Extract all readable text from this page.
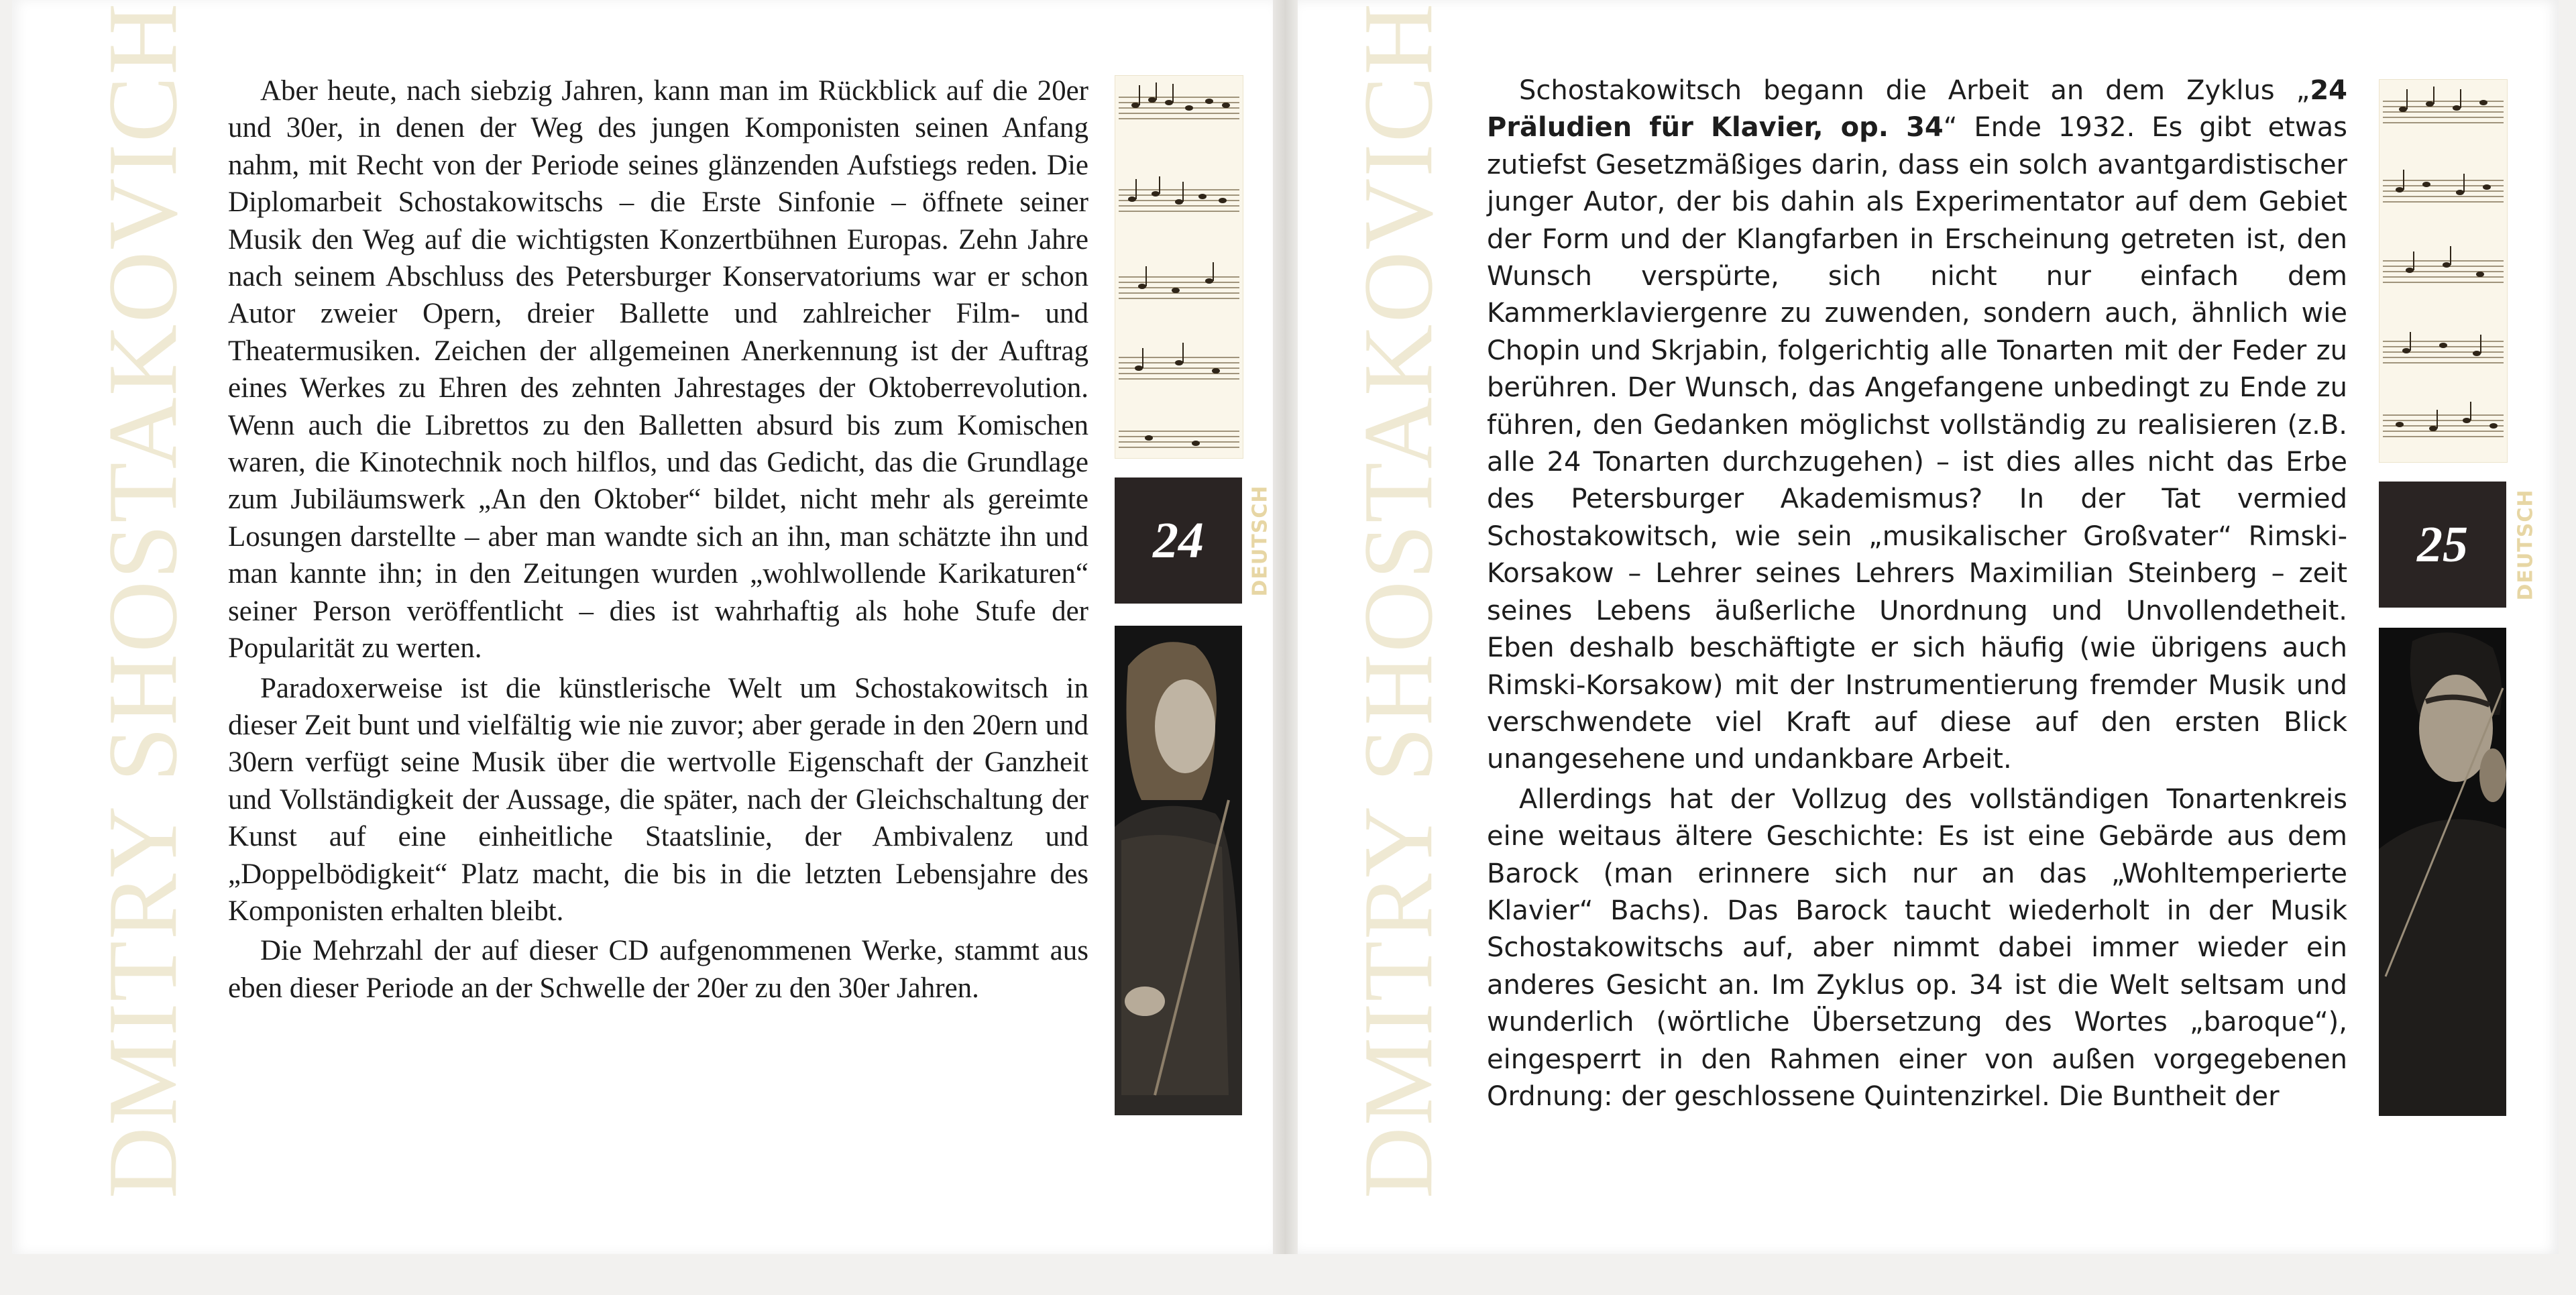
DMITRY SHOSTAKOVICH	Aber heute, nach siebzig Jahren, kann man im Rückblick auf die 20er und 30er, in denen der Weg des jungen Komponisten seinen Anfang nahm, mit Recht von der Periode seines glänzenden Aufstiegs reden. Die Diplomarbeit Schostakowitschs – die Erste Sinfonie – öffnete seiner Musik den Weg auf die wichtigsten Konzertbühnen Europas. Zehn Jahre nach seinem Abschluss des Petersburger Konservatoriums war er schon Autor zweier Opern, dreier Ballette und zahlreicher Film- und Theatermusiken. Zeichen der allgemeinen Anerkennung ist der Auftrag eines Werkes zu Ehren des zehnten Jahrestages der Oktoberrevolution. Wenn auch die Librettos zu den Balletten absurd bis zum Komischen waren, die Kinotechnik noch hilflos, und das Gedicht, das die Grundlage zum Jubiläumswerk „An den Oktober“ bildet, nicht mehr als gereimte Losungen darstellte – aber man wandte sich an ihn, man schätzte ihn und man kannte ihn; in den Zeitungen wurden „wohlwollende Karikaturen“ seiner Person veröffentlicht – dies ist wahrhaftig als hohe Stufe der Popularität zu werten.

Paradoxerweise ist die künstlerische Welt um Schostakowitsch in dieser Zeit bunt und vielfältig wie nie zuvor; aber gerade in den 20ern und 30ern verfügt seine Musik über die wertvolle Eigenschaft der Ganzheit und Vollständigkeit der Aussage, die später, nach der Gleichschaltung der Kunst auf eine einheitliche Staatslinie, der Ambivalenz und „Doppelbödigkeit“ Platz macht, die bis in die letzten Lebensjahre des Komponisten erhalten bleibt.

Die Mehrzahl der auf dieser CD aufgenommenen Werke, stammt aus eben dieser Periode an der Schwelle der 20er zu den 30er Jahren.

24 DEUTSCH DMITRY SHOSTAKOVICH	Schostakowitsch begann die Arbeit an dem Zyklus „24 Präludien für Klavier, op. 34“ Ende 1932. Es gibt etwas zutiefst Gesetzmäßiges darin, dass ein solch avantgardistischer junger Autor, der bis dahin als Experimentator auf dem Gebiet der Form und der Klangfarben in Erscheinung getreten ist, den Wunsch verspürte, sich nicht nur einfach dem Kammerklaviergenre zu zuwenden, sondern auch, ähnlich wie Chopin und Skrjabin, folgerichtig alle Tonarten mit der Feder zu berühren. Der Wunsch, das Angefangene unbedingt zu Ende zu führen, den Gedanken möglichst vollständig zu realisieren (z.B. alle 24 Tonarten durchzugehen) – ist dies alles nicht das Erbe des Petersburger Akademismus? In der Tat vermied Schostakowitsch, wie sein „musikalischer Großvater“ Rimski-Korsakow – Lehrer seines Lehrers Maximilian Steinberg – zeit seines Lebens äußerliche Unordnung und Unvollendetheit. Eben deshalb beschäftigte er sich häufig (wie übrigens auch Rimski-Korsakow) mit der Instrumentierung fremder Musik und verschwendete viel Kraft auf diese auf den ersten Blick unangesehene und undankbare Arbeit.

Allerdings hat der Vollzug des vollständigen Tonartenkreis eine weitaus ältere Geschichte: Es ist eine Gebärde aus dem Barock (man erinnere sich nur an das „Wohltemperierte Klavier“ Bachs). Das Barock taucht wiederholt in der Musik Schostakowitschs auf, aber nimmt dabei immer wieder ein anderes Gesicht an. Im Zyklus op. 34 ist die Welt seltsam und wunderlich (wörtliche Übersetzung des Wortes „baroque“), eingesperrt in den Rahmen einer von außen vorgegebenen Ordnung: der geschlossene Quintenzirkel. Die Buntheit der

25 DEUTSCH
